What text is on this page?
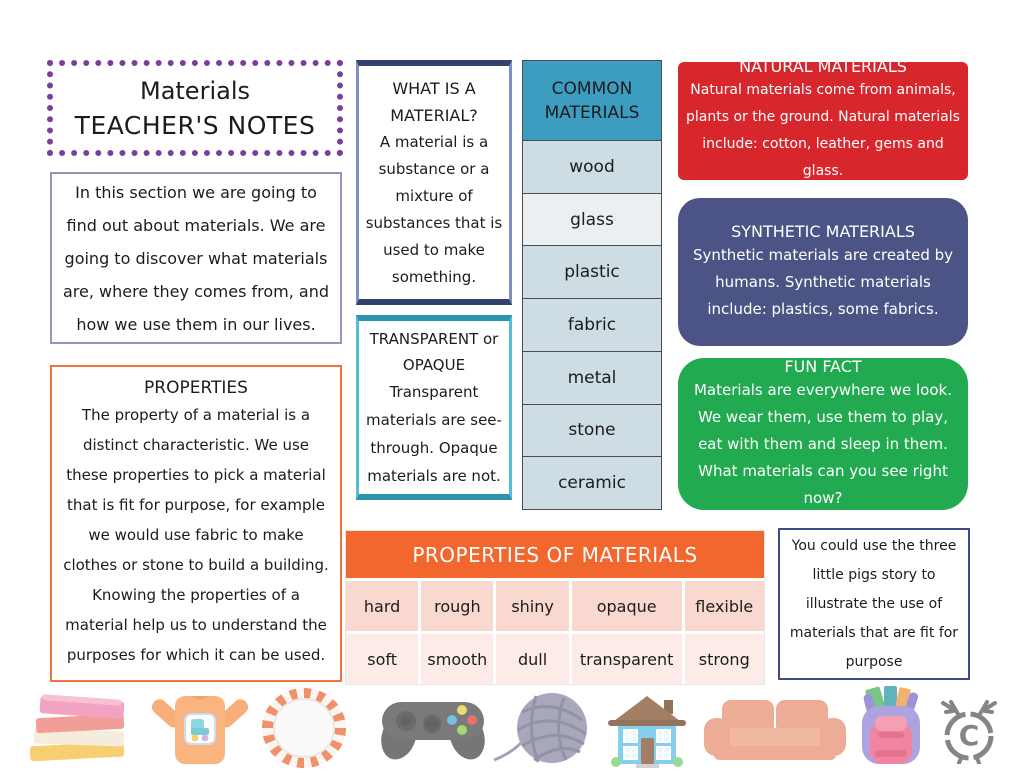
Materials
TEACHER'S NOTES

In this section we are going to find out about materials. We are going to discover what materials are, where they comes from, and how we use them in our lives.

PROPERTIES

The property of a material is a distinct characteristic. We use these properties to pick a material that is fit for purpose, for example we would use fabric to make clothes or stone to build a building. Knowing the properties of a material help us to understand the purposes for which it can be used.

WHAT IS A MATERIAL?

A material is a substance or a mixture of substances that is used to make something.

TRANSPARENT or OPAQUE

Transparent materials are see-through. Opaque materials are not.

COMMON MATERIALS
wood
glass
plastic
fabric
metal
stone
ceramic
NATURAL MATERIALS

Natural materials come from animals, plants or the ground. Natural materials include: cotton, leather, gems and glass.

SYNTHETIC MATERIALS

Synthetic materials are created by humans. Synthetic materials include: plastics, some fabrics.

FUN FACT

Materials are everywhere we look. We wear them, use them to play, eat with them and sleep in them. What materials can you see right now?

PROPERTIES OF MATERIALS
hard	rough	shiny	opaque	flexible
soft	smooth	dull	transparent	strong

You could use the three little pigs story to illustrate the use of materials that are fit for purpose

C
